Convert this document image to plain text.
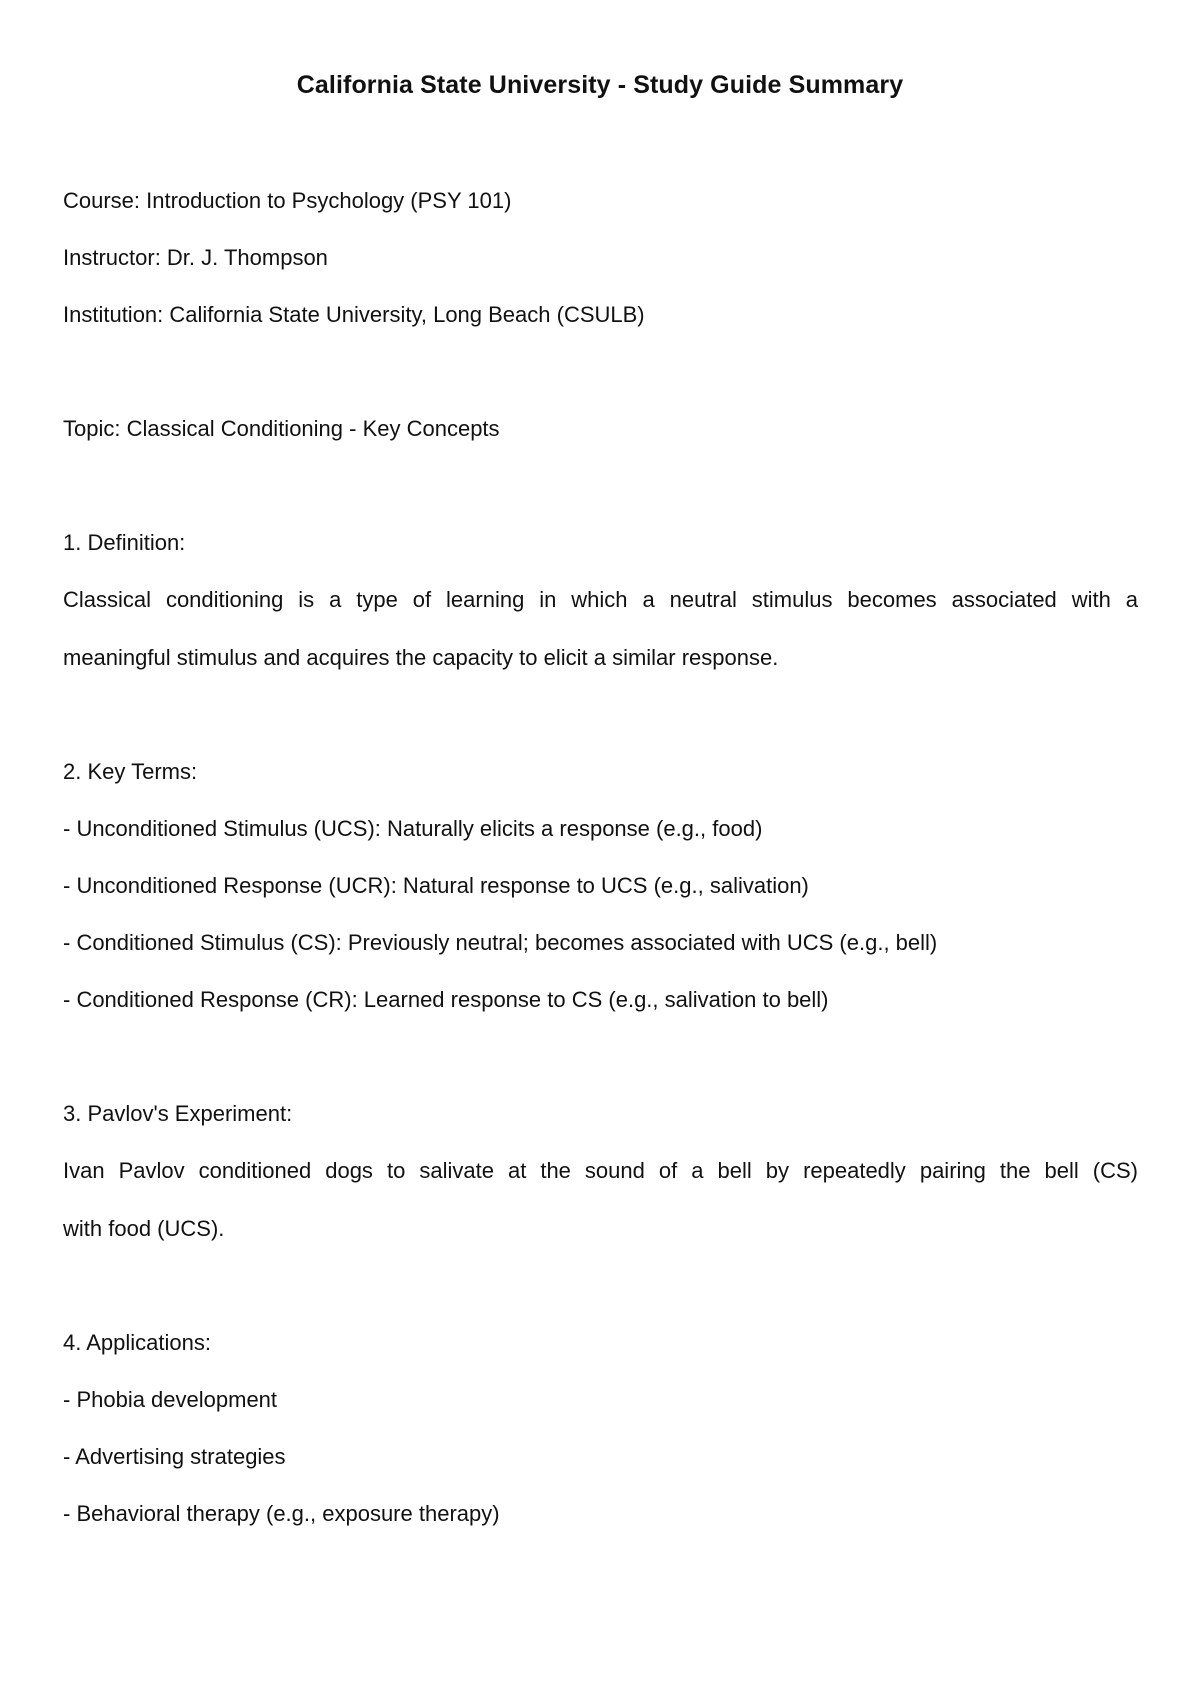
California State University - Study Guide Summary
Course: Introduction to Psychology (PSY 101)
Instructor: Dr. J. Thompson
Institution: California State University, Long Beach (CSULB)
Topic: Classical Conditioning - Key Concepts
1. Definition:
Classical conditioning is a type of learning in which a neutral stimulus becomes associated with a
meaningful stimulus and acquires the capacity to elicit a similar response.
2. Key Terms:
- Unconditioned Stimulus (UCS): Naturally elicits a response (e.g., food)
- Unconditioned Response (UCR): Natural response to UCS (e.g., salivation)
- Conditioned Stimulus (CS): Previously neutral; becomes associated with UCS (e.g., bell)
- Conditioned Response (CR): Learned response to CS (e.g., salivation to bell)
3. Pavlov's Experiment:
Ivan Pavlov conditioned dogs to salivate at the sound of a bell by repeatedly pairing the bell (CS)
with food (UCS).
4. Applications:
- Phobia development
- Advertising strategies
- Behavioral therapy (e.g., exposure therapy)
